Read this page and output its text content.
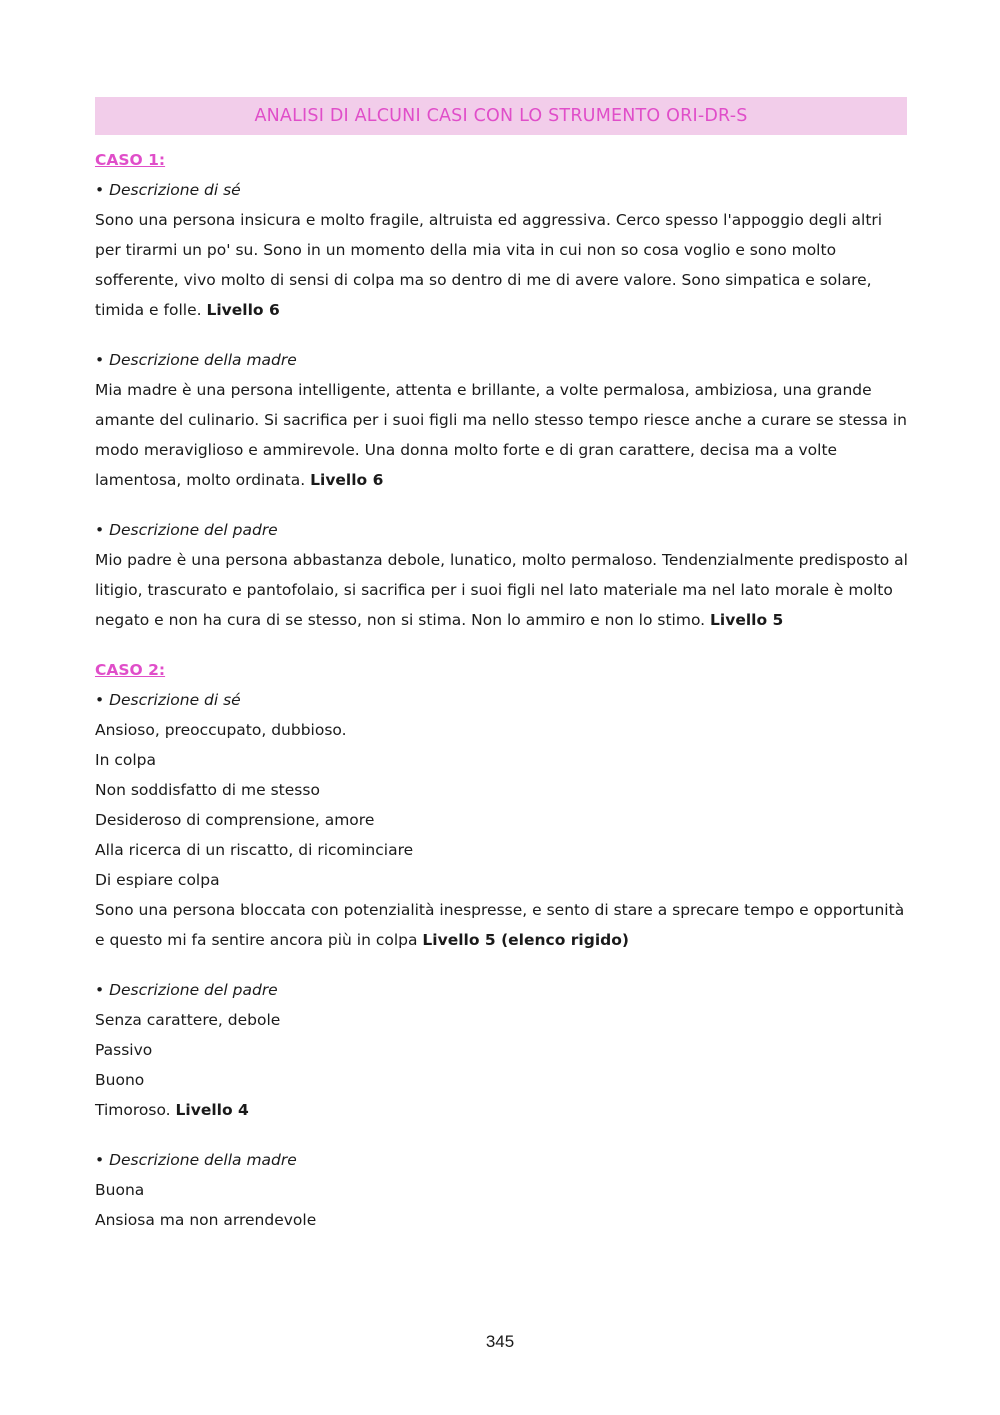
ANALISI DI ALCUNI CASI CON LO STRUMENTO ORI-DR-S

CASO 1:

• Descrizione di sé

Sono una persona insicura e molto fragile, altruista ed aggressiva. Cerco spesso l'appoggio degli altri per tirarmi un po' su. Sono in un momento della mia vita in cui non so cosa voglio e sono molto sofferente, vivo molto di sensi di colpa ma so dentro di me di avere valore. Sono simpatica e solare, timida e folle. Livello 6

• Descrizione della madre

Mia madre è una persona intelligente, attenta e brillante, a volte permalosa, ambiziosa, una grande amante del culinario. Si sacrifica per i suoi figli ma nello stesso tempo riesce anche a curare se stessa in modo meraviglioso e ammirevole. Una donna molto forte e di gran carattere, decisa ma a volte lamentosa, molto ordinata. Livello 6

• Descrizione del padre

Mio padre è una persona abbastanza debole, lunatico, molto permaloso. Tendenzialmente predisposto al litigio, trascurato e pantofolaio, si sacrifica per i suoi figli nel lato materiale ma nel lato morale è molto negato e non ha cura di se stesso, non si stima. Non lo ammiro e non lo stimo. Livello 5

CASO 2:

• Descrizione di sé

Ansioso, preoccupato, dubbioso.

In colpa

Non soddisfatto di me stesso

Desideroso di comprensione, amore

Alla ricerca di un riscatto, di ricominciare

Di espiare colpa

Sono una persona bloccata con potenzialità inespresse, e sento di stare a sprecare tempo e opportunità e questo mi fa sentire ancora più in colpa Livello 5 (elenco rigido)

• Descrizione del padre

Senza carattere, debole

Passivo

Buono

Timoroso. Livello 4

• Descrizione della madre

Buona

Ansiosa ma non arrendevole

345
